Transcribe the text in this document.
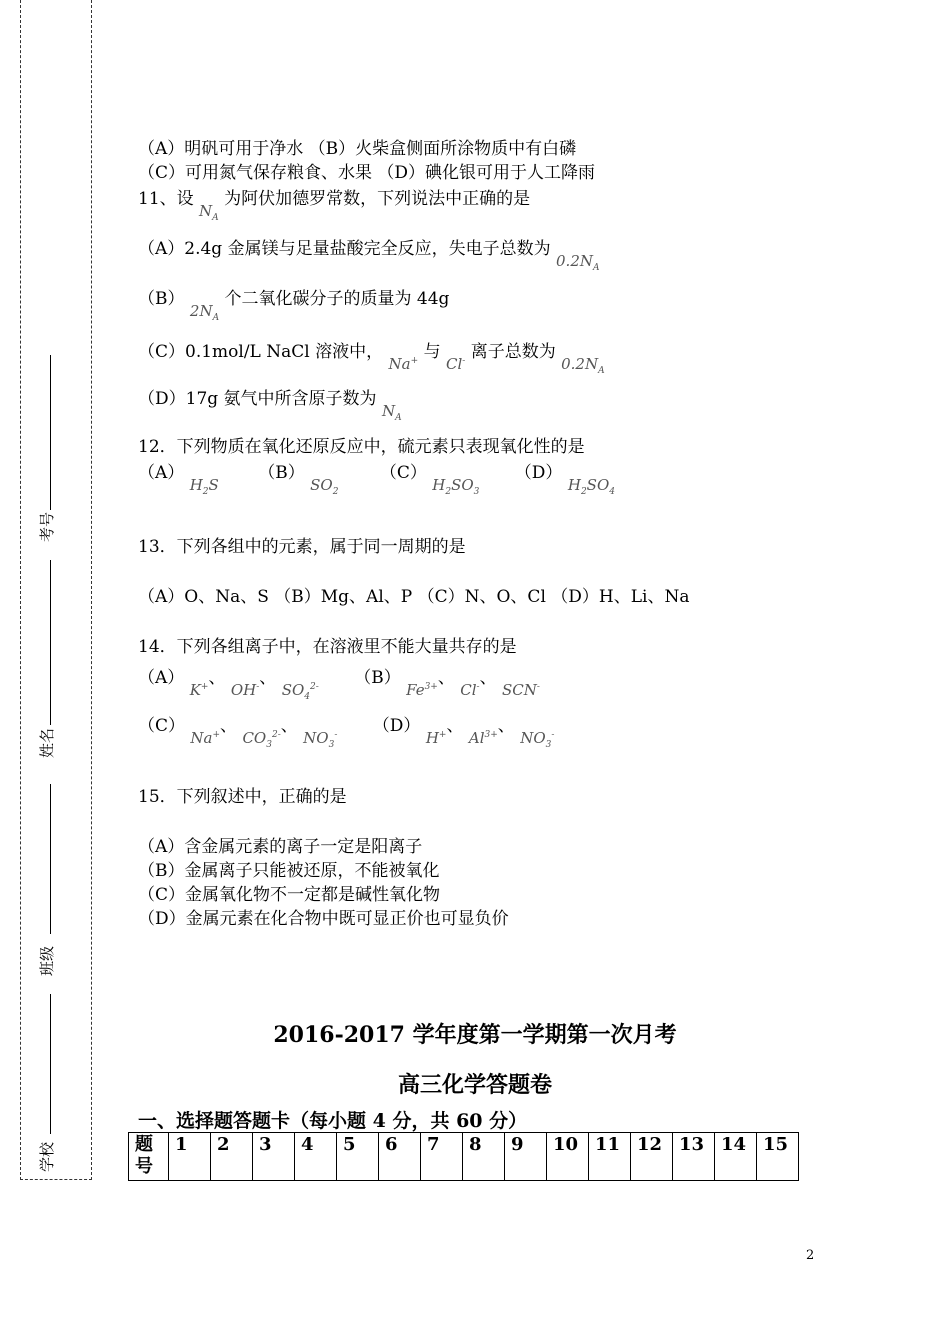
考号
姓名
班级
学校
（A）明矾可用于净水 （B）火柴盒侧面所涂物质中有白磷
（C）可用氮气保存粮食、水果 （D）碘化银可用于人工降雨
11、设 $N_A$ 为阿伏加德罗常数，下列说法中正确的是
（A）2.4g 金属镁与足量盐酸完全反应，失电子总数为 $0.2N_A$
（B） $2N_A$ 个二氧化碳分子的质量为 44g
（C）0.1mol/L NaCl 溶液中， Na+ 与 Cl- 离子总数为 $0.2N_A$
（D）17g 氨气中所含原子数为 $N_A$
12．下列物质在氧化还原反应中，硫元素只表现氧化性的是
（A） $H_2S$ （B） $SO_2$ （C） $H_2SO_3$ （D） $H_2SO_4$
13．下列各组中的元素，属于同一周期的是
（A）O、Na、S （B）Mg、Al、P （C）N、O、Cl （D）H、Li、Na
14．下列各组离子中，在溶液里不能大量共存的是
（A） K+、 OH-、 $SO_4^{2-}$ （B） $Fe^{3+}$、 Cl-、 SCN-
（C） Na+、 $CO_3^{2-}$、 $NO_3^-$ （D） H+、 $Al^{3+}$、 $NO_3^-$
15．下列叙述中，正确的是
（A）含金属元素的离子一定是阳离子
（B）金属离子只能被还原，不能被氧化
（C）金属氧化物不一定都是碱性氧化物
（D）金属元素在化合物中既可显正价也可显负价
2016-2017 学年度第一学期第一次月考
高三化学答题卷
一、选择题答题卡（每小题 4 分，共 60 分）
题号	1	2	3	4	5	6	7	8	9	10	11	12	13	14	15
2
